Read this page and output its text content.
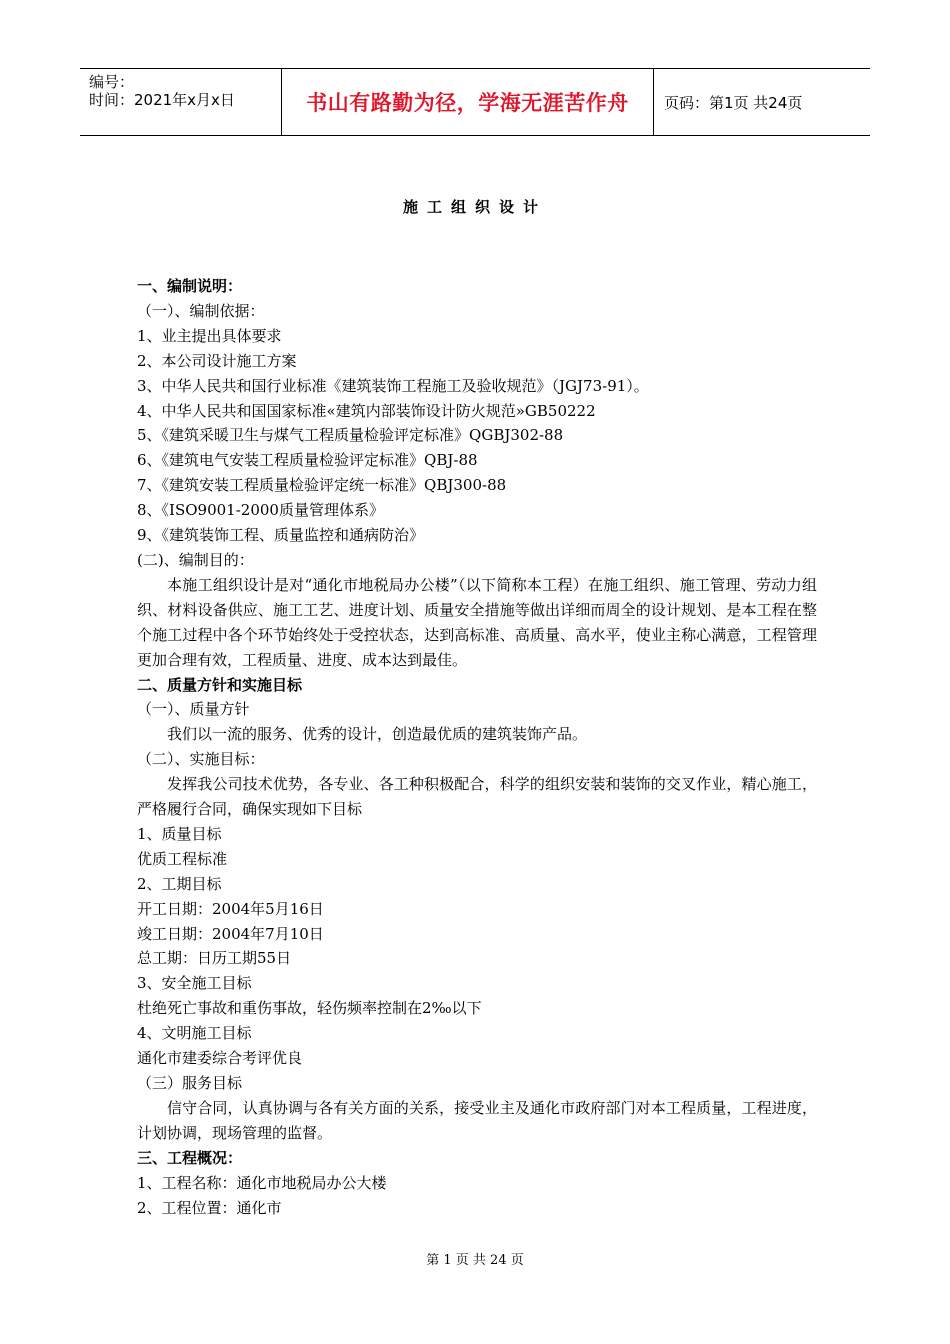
编号：
时间：2021年x月x日	书山有路勤为径，学海无涯苦作舟	页码：第1页 共24页
施工组织设计
一、编制说明：
（一）、编制依据：
1、业主提出具体要求
2、本公司设计施工方案
3、中华人民共和国行业标准《建筑装饰工程施工及验收规范》（JGJ73-91）。
4、中华人民共和国国家标准«建筑内部装饰设计防火规范»GB50222
5、《建筑采暖卫生与煤气工程质量检验评定标准》QGBJ302-88
6、《建筑电气安装工程质量检验评定标准》QBJ-88
7、《建筑安装工程质量检验评定统一标准》QBJ300-88
8、《ISO9001-2000质量管理体系》
9、《建筑装饰工程、质量监控和通病防治》
(二)、编制目的：
本施工组织设计是对“通化市地税局办公楼”（以下简称本工程）在施工组织、施工管理、劳动力组织、材料设备供应、施工工艺、进度计划、质量安全措施等做出详细而周全的设计规划、是本工程在整个施工过程中各个环节始终处于受控状态，达到高标准、高质量、高水平，使业主称心满意，工程管理更加合理有效，工程质量、进度、成本达到最佳。
二、质量方针和实施目标
（一）、质量方针
我们以一流的服务、优秀的设计，创造最优质的建筑装饰产品。
（二）、实施目标：
发挥我公司技术优势，各专业、各工种积极配合，科学的组织安装和装饰的交叉作业，精心施工，严格履行合同，确保实现如下目标
1、质量目标
优质工程标准
2、工期目标
开工日期：2004年5月16日
竣工日期：2004年7月10日
总工期：日历工期55日
3、安全施工目标
杜绝死亡事故和重伤事故，轻伤频率控制在2‰以下
4、文明施工目标
通化市建委综合考评优良
（三）服务目标
信守合同，认真协调与各有关方面的关系，接受业主及通化市政府部门对本工程质量，工程进度，计划协调，现场管理的监督。
三、工程概况：
1、工程名称：通化市地税局办公大楼
2、工程位置：通化市
第 1 页 共 24 页
